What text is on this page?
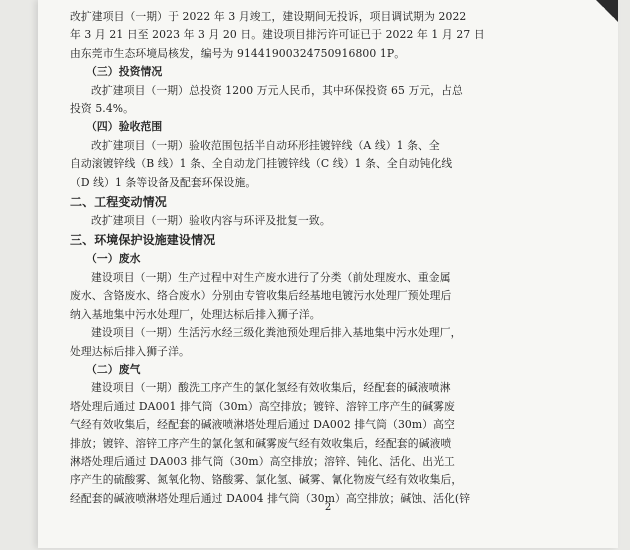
改扩建项目（一期）于 2022 年 3 月竣工，建设期间无投诉，项目调试期为 2022
年 3 月 21 日至 2023 年 3 月 20 日。建设项目排污许可证已于 2022 年 1 月 27 日
由东莞市生态环境局核发，编号为 91441900324750916800 1P。
（三）投资情况
改扩建项目（一期）总投资 1200 万元人民币，其中环保投资 65 万元，占总
投资 5.4%。
（四）验收范围
改扩建项目（一期）验收范围包括半自动环形挂镀锌线（A 线）1 条、全
自动滚镀锌线（B 线）1 条、全自动龙门挂镀锌线（C 线）1 条、全自动钝化线
（D 线）1 条等设备及配套环保设施。
二、工程变动情况
改扩建项目（一期）验收内容与环评及批复一致。
三、环境保护设施建设情况
（一）废水
建设项目（一期）生产过程中对生产废水进行了分类（前处理废水、重金属
废水、含铬废水、络合废水）分别由专管收集后经基地电镀污水处理厂预处理后
纳入基地集中污水处理厂，处理达标后排入狮子洋。
建设项目（一期）生活污水经三级化粪池预处理后排入基地集中污水处理厂，
处理达标后排入狮子洋。
（二）废气
建设项目（一期）酸洗工序产生的氯化氢经有效收集后，经配套的碱液喷淋
塔处理后通过 DA001 排气筒（30m）高空排放；镀锌、溶锌工序产生的碱雾废
气经有效收集后，经配套的碱液喷淋塔处理后通过 DA002 排气筒（30m）高空
排放；镀锌、溶锌工序产生的氯化氢和碱雾废气经有效收集后，经配套的碱液喷
淋塔处理后通过 DA003 排气筒（30m）高空排放；溶锌、钝化、活化、出光工
序产生的硫酸雾、氮氧化物、铬酸雾、氯化氢、碱雾、氰化物废气经有效收集后，
经配套的碱液喷淋塔处理后通过 DA004 排气筒（30m）高空排放；碱蚀、活化(锌
2
